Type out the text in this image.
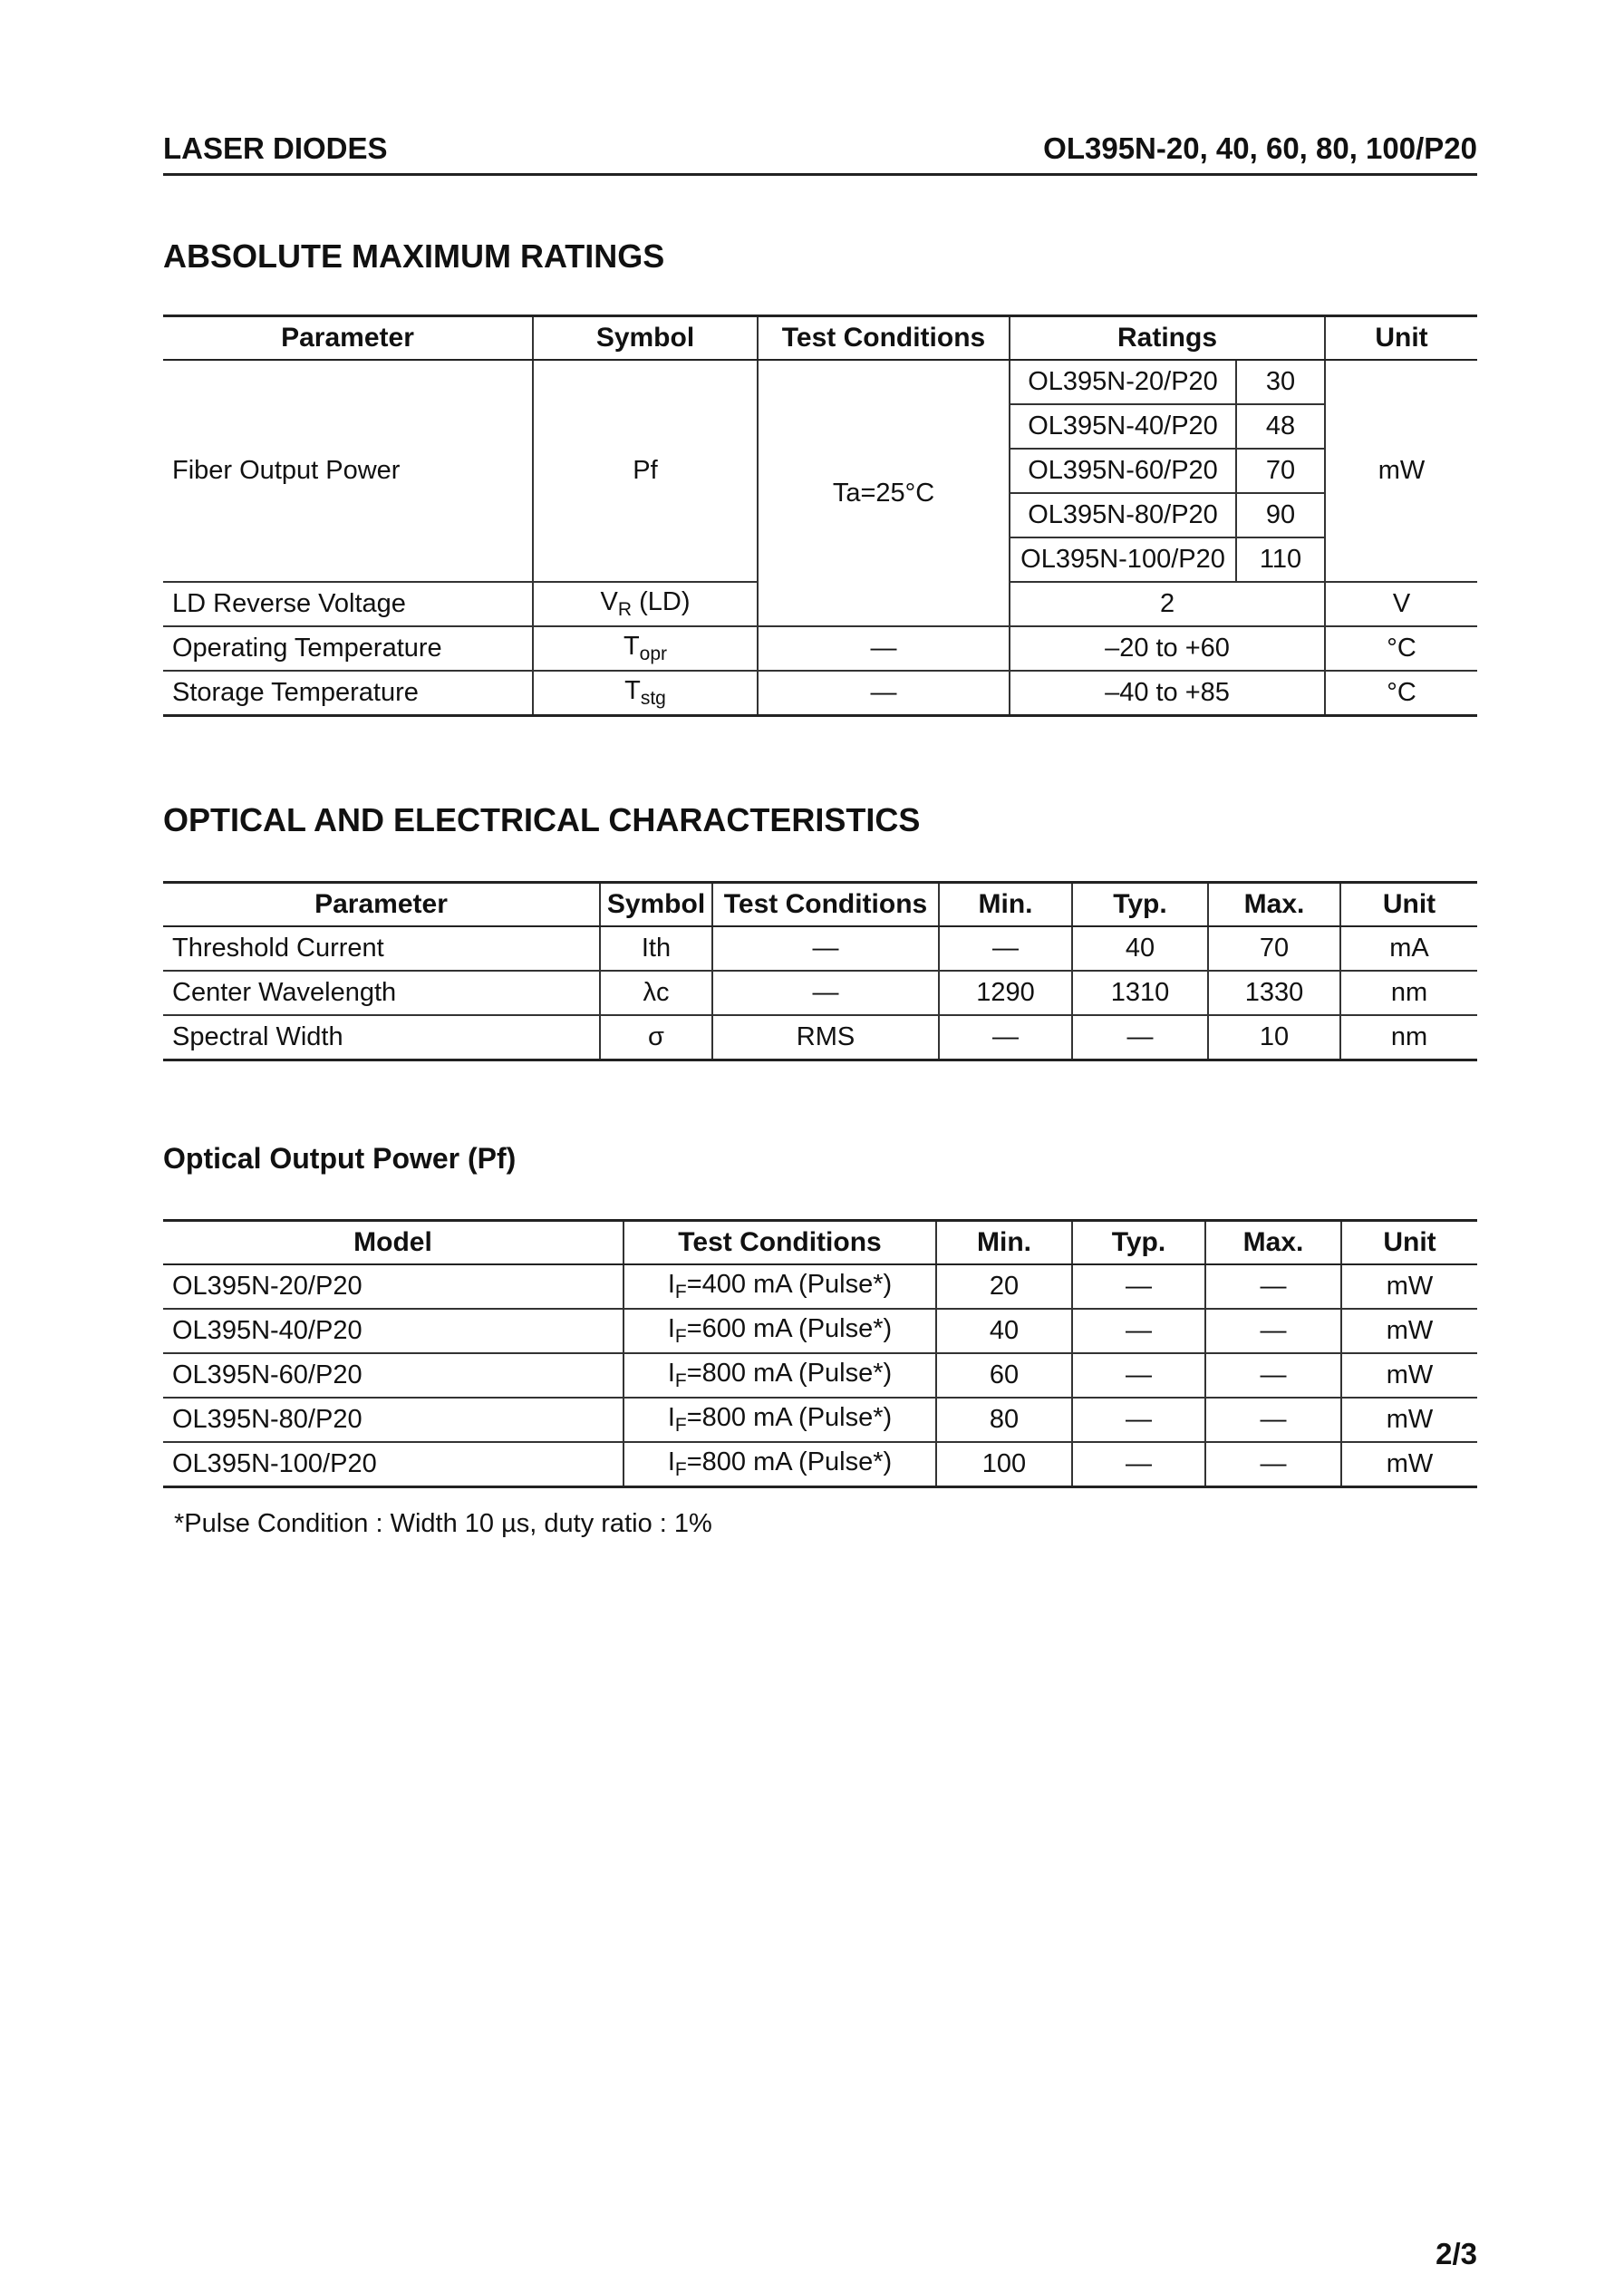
LASER DIODES	OL395N-20, 40, 60, 80, 100/P20
ABSOLUTE MAXIMUM RATINGS
Parameter	Symbol	Test Conditions	Ratings		Unit
Fiber Output Power	Pf	Ta=25°C	OL395N-20/P20	30	mW
			OL395N-40/P20	48	
			OL395N-60/P20	70	
			OL395N-80/P20	90	
			OL395N-100/P20	110	
LD Reverse Voltage	$V_R$ (LD)		2		V
Operating Temperature	$T_{opr}$	—	–20 to +60		°C
Storage Temperature	$T_{stg}$	—	–40 to +85		°C
OPTICAL AND ELECTRICAL CHARACTERISTICS
Parameter	Symbol	Test Conditions	Min.	Typ.	Max.	Unit
Threshold Current	Ith	—	—	40	70	mA
Center Wavelength	λc	—	1290	1310	1330	nm
Spectral Width	σ	RMS	—	—	10	nm
Optical Output Power (Pf)
Model	Test Conditions	Min.	Typ.	Max.	Unit
OL395N-20/P20	$I_F=400$ mA (Pulse*)	20	—	—	mW
OL395N-40/P20	$I_F=600$ mA (Pulse*)	40	—	—	mW
OL395N-60/P20	$I_F=800$ mA (Pulse*)	60	—	—	mW
OL395N-80/P20	$I_F=800$ mA (Pulse*)	80	—	—	mW
OL395N-100/P20	$I_F=800$ mA (Pulse*)	100	—	—	mW
*Pulse Condition : Width 10 µs, duty ratio : 1%
2/3
